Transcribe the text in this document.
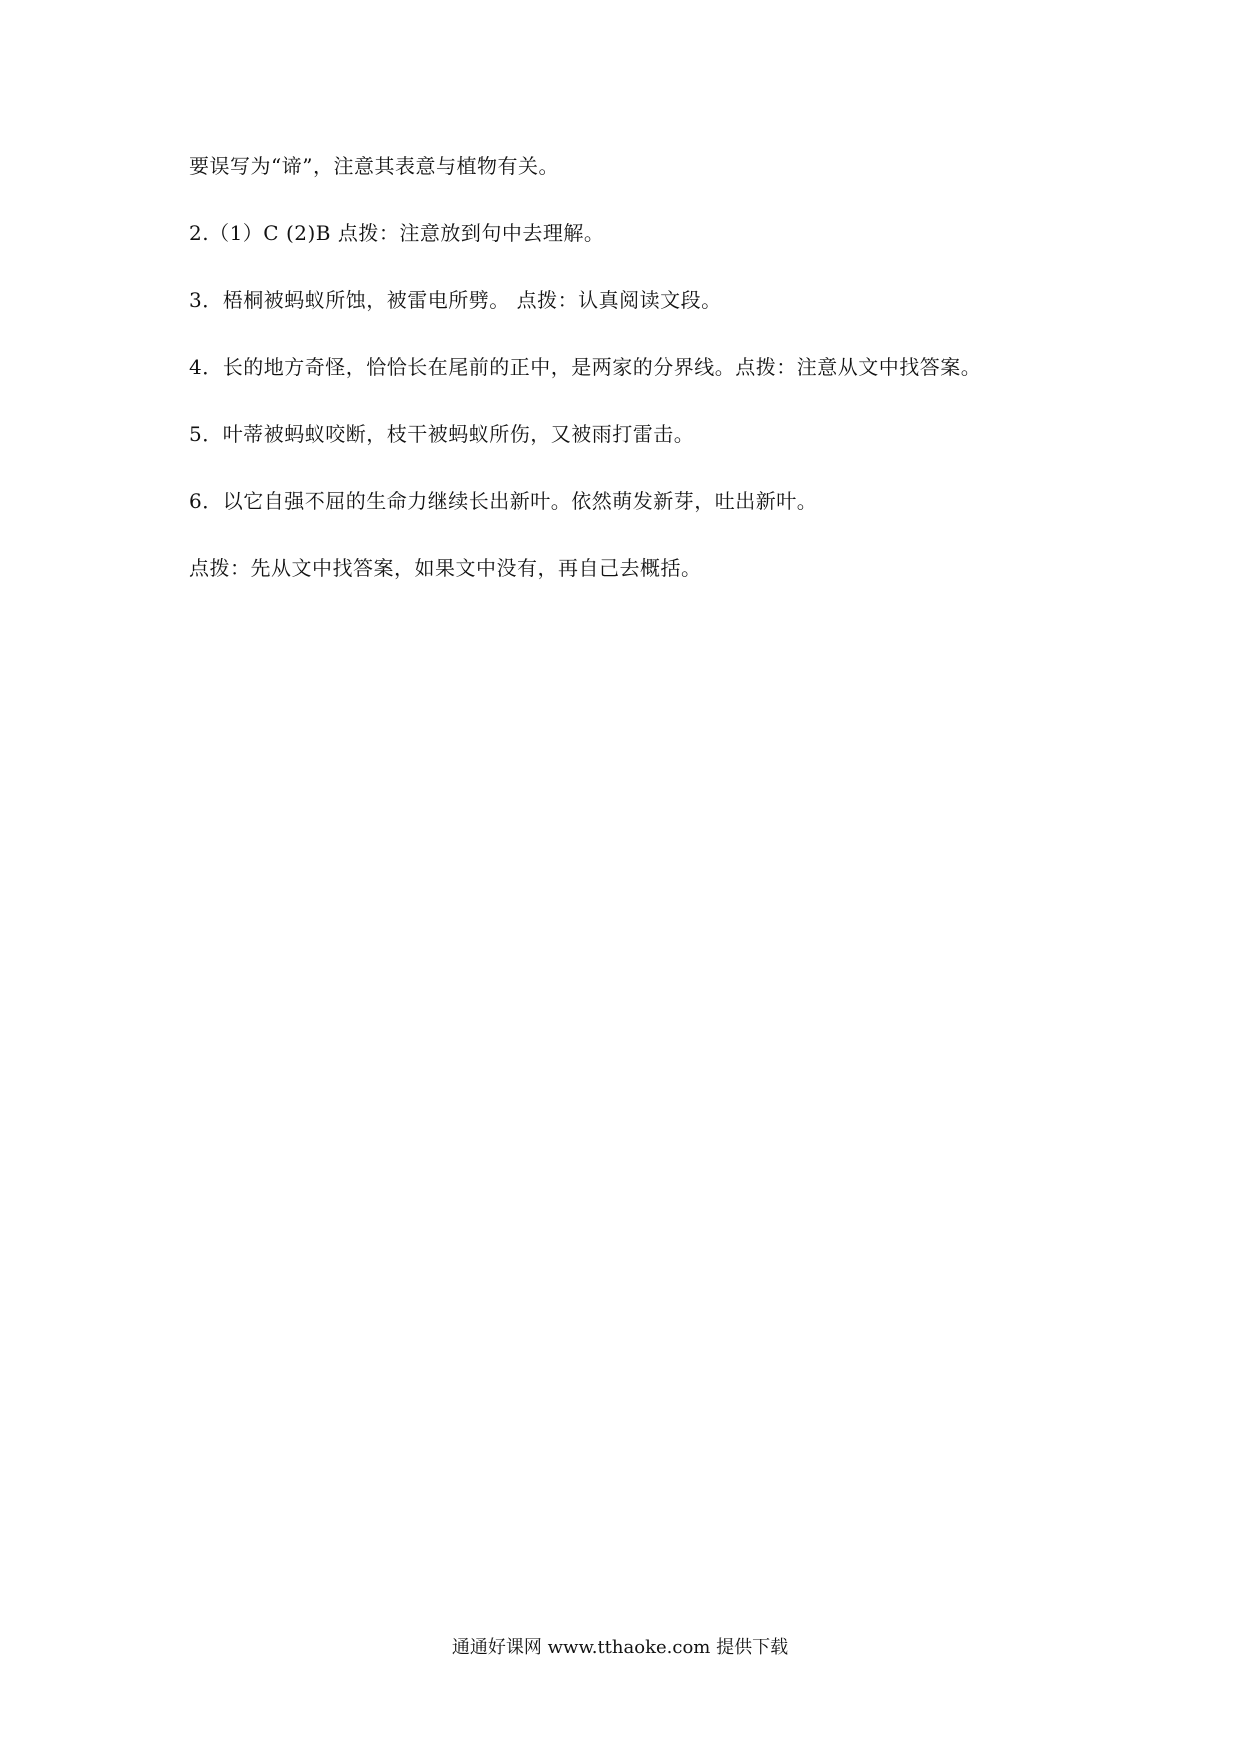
要误写为“谛”，注意其表意与植物有关。
2.（1）C (2)B 点拨：注意放到句中去理解。
3．梧桐被蚂蚁所蚀，被雷电所劈。 点拨：认真阅读文段。
4．长的地方奇怪，恰恰长在尾前的正中，是两家的分界线。点拨：注意从文中找答案。
5．叶蒂被蚂蚁咬断，枝干被蚂蚁所伤，又被雨打雷击。
6．以它自强不屈的生命力继续长出新叶。依然萌发新芽，吐出新叶。
点拨：先从文中找答案，如果文中没有，再自己去概括。
通通好课网 www.tthaoke.com 提供下载
